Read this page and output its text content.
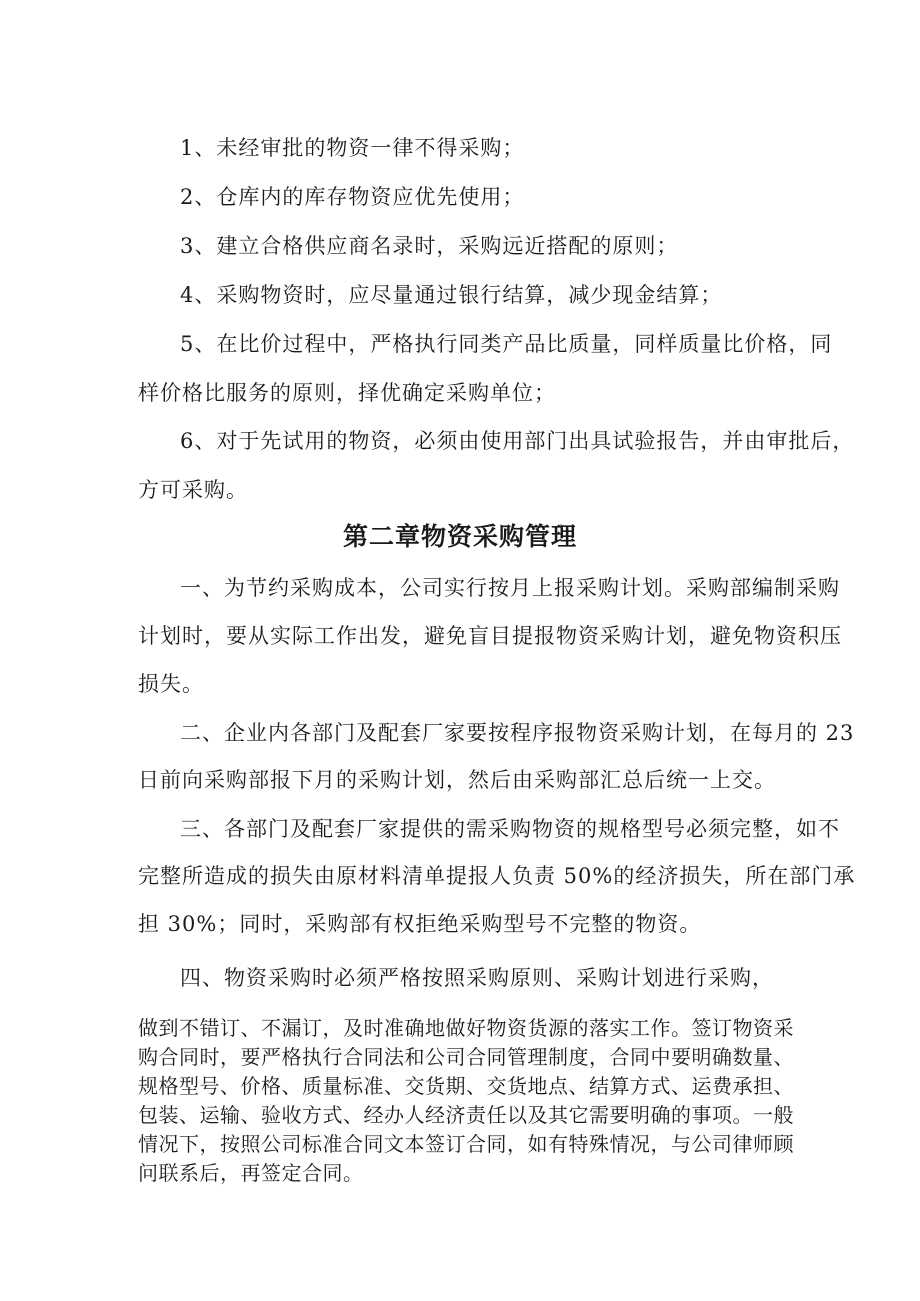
1、未经审批的物资一律不得采购；

2、仓库内的库存物资应优先使用；

3、建立合格供应商名录时，采购远近搭配的原则；

4、采购物资时，应尽量通过银行结算，减少现金结算；

5、在比价过程中，严格执行同类产品比质量，同样质量比价格，同

样价格比服务的原则，择优确定采购单位；

6、对于先试用的物资，必须由使用部门出具试验报告，并由审批后，

方可采购。

第二章物资采购管理

一、为节约采购成本，公司实行按月上报采购计划。采购部编制采购

计划时，要从实际工作出发，避免盲目提报物资采购计划，避免物资积压

损失。

二、企业内各部门及配套厂家要按程序报物资采购计划，在每月的 23

日前向采购部报下月的采购计划，然后由采购部汇总后统一上交。

三、各部门及配套厂家提供的需采购物资的规格型号必须完整，如不

完整所造成的损失由原材料清单提报人负责 50%的经济损失，所在部门承

担 30%；同时，采购部有权拒绝采购型号不完整的物资。

四、物资采购时必须严格按照采购原则、采购计划进行采购，

做到不错订、不漏订，及时准确地做好物资货源的落实工作。签订物资采

购合同时，要严格执行合同法和公司合同管理制度，合同中要明确数量、

规格型号、价格、质量标准、交货期、交货地点、结算方式、运费承担、

包装、运输、验收方式、经办人经济责任以及其它需要明确的事项。一般

情况下，按照公司标准合同文本签订合同，如有特殊情况，与公司律师顾

问联系后，再签定合同。
